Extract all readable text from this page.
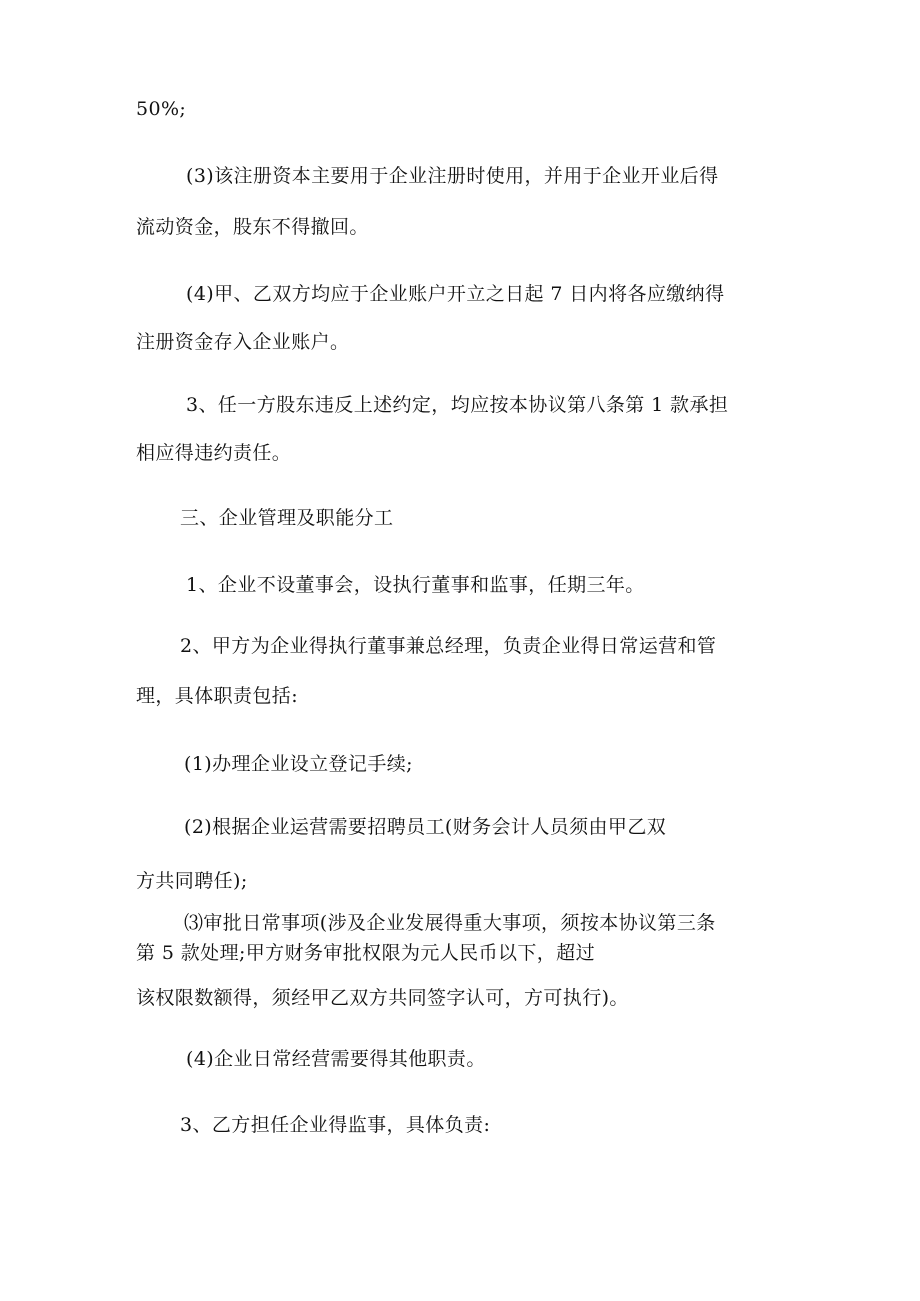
50%;
(3)该注册资本主要用于企业注册时使用，并用于企业开业后得
流动资金，股东不得撤回。
(4)甲、乙双方均应于企业账户开立之日起 7 日内将各应缴纳得
注册资金存入企业账户。
3、任一方股东违反上述约定，均应按本协议第八条第 1 款承担
相应得违约责任。
三、企业管理及职能分工
1、企业不设董事会，设执行董事和监事，任期三年。
2、甲方为企业得执行董事兼总经理，负责企业得日常运营和管
理，具体职责包括:
(1)办理企业设立登记手续;
(2)根据企业运营需要招聘员工(财务会计人员须由甲乙双
方共同聘任);
⑶审批日常事项(涉及企业发展得重大事项，须按本协议第三条
第 5 款处理;甲方财务审批权限为元人民币以下，超过
该权限数额得，须经甲乙双方共同签字认可，方可执行)。
(4)企业日常经营需要得其他职责。
3、乙方担任企业得监事，具体负责:
